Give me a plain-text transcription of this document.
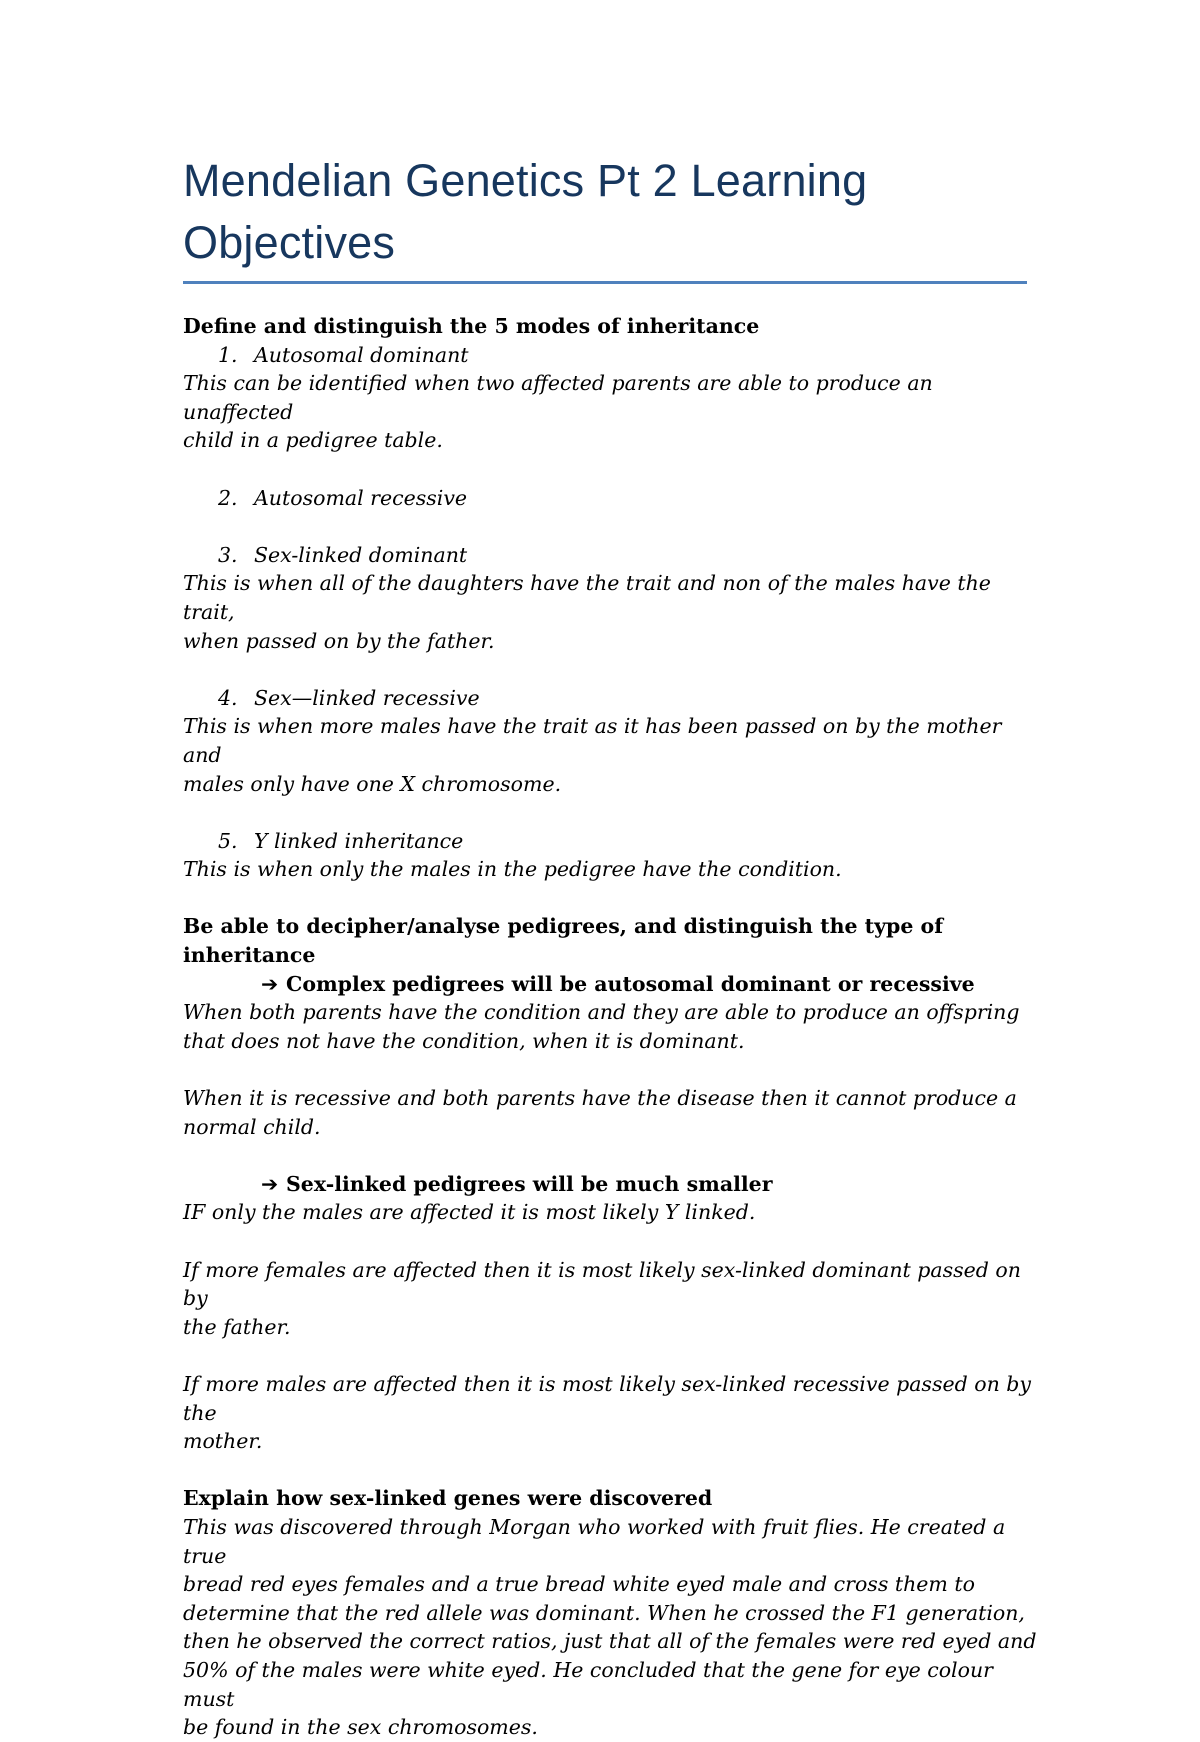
Mendelian Genetics Pt 2 Learning Objectives

Define and distinguish the 5 modes of inheritance

1. Autosomal dominant

This can be identified when two affected parents are able to produce an unaffected

child in a pedigree table.

2. Autosomal recessive

3. Sex-linked dominant

This is when all of the daughters have the trait and non of the males have the trait,

when passed on by the father.

4. Sex—linked recessive

This is when more males have the trait as it has been passed on by the mother and

males only have one X chromosome.

5. Y linked inheritance

This is when only the males in the pedigree have the condition.

Be able to decipher/analyse pedigrees, and distinguish the type of

inheritance

➔ Complex pedigrees will be autosomal dominant or recessive

When both parents have the condition and they are able to produce an offspring

that does not have the condition, when it is dominant.

When it is recessive and both parents have the disease then it cannot produce a

normal child.

➔ Sex-linked pedigrees will be much smaller

IF only the males are affected it is most likely Y linked.

If more females are affected then it is most likely sex-linked dominant passed on by

the father.

If more males are affected then it is most likely sex-linked recessive passed on by the

mother.

Explain how sex-linked genes were discovered

This was discovered through Morgan who worked with fruit flies. He created a true

bread red eyes females and a true bread white eyed male and cross them to

determine that the red allele was dominant. When he crossed the F1 generation,

then he observed the correct ratios, just that all of the females were red eyed and

50% of the males were white eyed. He concluded that the gene for eye colour must

be found in the sex chromosomes.
